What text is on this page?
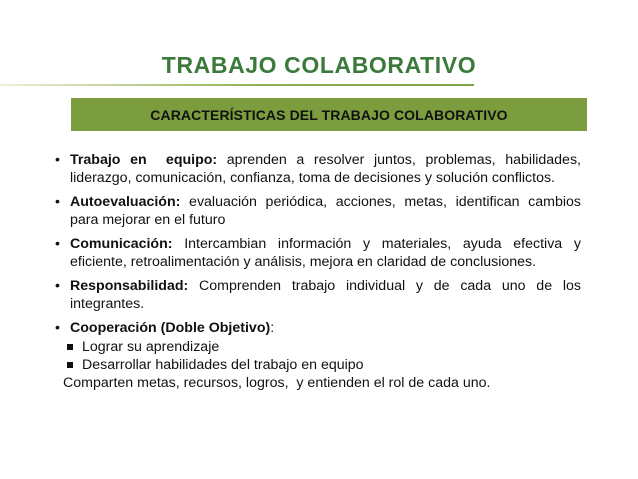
TRABAJO COLABORATIVO
CARACTERÍSTICAS DEL TRABAJO COLABORATIVO
• Trabajo en  equipo: aprenden a resolver juntos, problemas, habilidades, liderazgo, comunicación, confianza, toma de decisiones y solución conflictos.
• Autoevaluación: evaluación periódica, acciones, metas, identifican cambios para mejorar en el futuro
• Comunicación: Intercambian información y materiales, ayuda efectiva y eficiente, retroalimentación y análisis, mejora en claridad de conclusiones.
• Responsabilidad: Comprenden trabajo individual y de cada uno de los integrantes.
• Cooperación (Doble Objetivo):
Lograr su aprendizaje
Desarrollar habilidades del trabajo en equipo
Comparten metas, recursos, logros,  y entienden el rol de cada uno.
